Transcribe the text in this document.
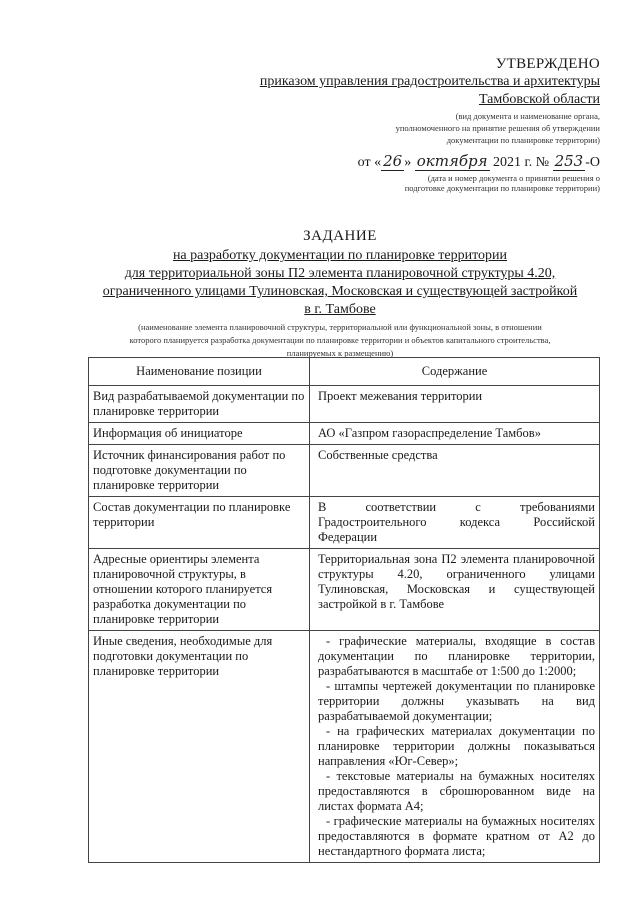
УТВЕРЖДЕНО
приказом управления градостроительства и архитектуры
Тамбовской области
(вид документа и наименование органа,
уполномоченного на принятие решения об утверждении
документации по планировке территории)
от « 26 » октября 2021 г. № 253 -О
(дата и номер документа о принятии решения о
подготовке документации по планировке территории)
ЗАДАНИЕ
на разработку документации по планировке территории
для территориальной зоны П2 элемента планировочной структуры 4.20,
ограниченного улицами Тулиновская, Московская и существующей застройкой
в г. Тамбове
(наименование элемента планировочной структуры, территориальной или функциональной зоны, в отношении
которого планируется разработка документации по планировке территории и объектов капитального строительства,
планируемых к размещению)
Наименование позиции	Содержание
Вид разрабатываемой документации по планировке территории	Проект межевания территории
Информация об инициаторе	АО «Газпром газораспределение Тамбов»
Источник финансирования работ по подготовке документации по планировке территории	Собственные средства
Состав документации по планировке территории	В соответствии с требованиями Градостроительного кодекса Российской Федерации
Адресные ориентиры элемента планировочной структуры, в отношении которого планируется разработка документации по планировке территории	Территориальная зона П2 элемента планировочной структуры 4.20, ограниченного улицами Тулиновская, Московская и существующей застройкой в г. Тамбове
Иные сведения, необходимые для подготовки документации по планировке территории	- графические материалы, входящие в состав документации по планировке территории, разрабатываются в масштабе от 1:500 до 1:2000;

- штампы чертежей документации по планировке территории должны указывать на вид разрабатываемой документации;

- на графических материалах документации по планировке территории должны показываться направления «Юг-Север»;

- текстовые материалы на бумажных носителях предоставляются в сброшюрованном виде на листах формата А4;

- графические материалы на бумажных носителях предоставляются в формате кратном от А2 до нестандартного формата листа;
